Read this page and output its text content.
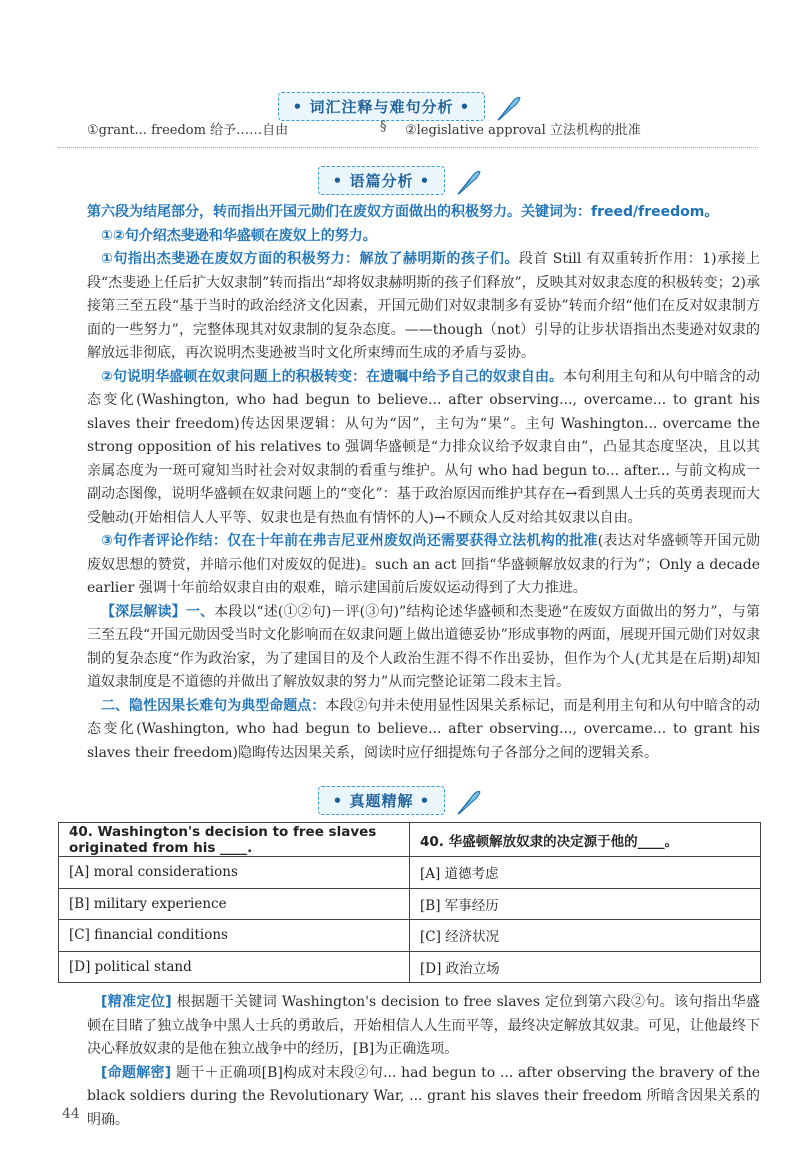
• 词汇注释与难句分析 •
①grant... freedom 给予……自由	§ ②legislative approval 立法机构的批准
• 语篇分析 •
第六段为结尾部分，转而指出开国元勋们在废奴方面做出的积极努力。关键词为：freed/freedom。
①②句介绍杰斐逊和华盛顿在废奴上的努力。
①句指出杰斐逊在废奴方面的积极努力：解放了赫明斯的孩子们。段首 Still 有双重转折作用：1)承接上段“杰斐逊上任后扩大奴隶制”转而指出“却将奴隶赫明斯的孩子们释放”，反映其对奴隶态度的积极转变；2)承接第三至五段“基于当时的政治经济文化因素，开国元勋们对奴隶制多有妥协”转而介绍“他们在反对奴隶制方面的一些努力”，完整体现其对奴隶制的复杂态度。——though（not）引导的让步状语指出杰斐逊对奴隶的解放远非彻底，再次说明杰斐逊被当时文化所束缚而生成的矛盾与妥协。
②句说明华盛顿在奴隶问题上的积极转变：在遗嘱中给予自己的奴隶自由。本句利用主句和从句中暗含的动态变化(Washington, who had begun to believe... after observing..., overcame... to grant his slaves their freedom)传达因果逻辑：从句为“因”，主句为“果”。主句 Washington... overcame the strong opposition of his relatives to 强调华盛顿是“力排众议给予奴隶自由”，凸显其态度坚决，且以其亲属态度为一斑可窥知当时社会对奴隶制的看重与维护。从句 who had begun to... after... 与前文构成一副动态图像，说明华盛顿在奴隶问题上的“变化”：基于政治原因而维护其存在→看到黑人士兵的英勇表现而大受触动(开始相信人人平等、奴隶也是有热血有情怀的人)→不顾众人反对给其奴隶以自由。
③句作者评论作结：仅在十年前在弗吉尼亚州废奴尚还需要获得立法机构的批准(表达对华盛顿等开国元勋废奴思想的赞赏，并暗示他们对废奴的促进)。such an act 回指“华盛顿解放奴隶的行为”；Only a decade earlier 强调十年前给奴隶自由的艰难，暗示建国前后废奴运动得到了大力推进。
【深层解读】一、本段以“述(①②句)－评(③句)”结构论述华盛顿和杰斐逊“在废奴方面做出的努力”，与第三至五段“开国元勋因受当时文化影响而在奴隶问题上做出道德妥协”形成事物的两面，展现开国元勋们对奴隶制的复杂态度“作为政治家，为了建国目的及个人政治生涯不得不作出妥协，但作为个人(尤其是在后期)却知道奴隶制度是不道德的并做出了解放奴隶的努力”从而完整论证第二段末主旨。
二、隐性因果长难句为典型命题点：本段②句并未使用显性因果关系标记，而是利用主句和从句中暗含的动态变化(Washington, who had begun to believe... after observing..., overcame... to grant his slaves their freedom)隐晦传达因果关系，阅读时应仔细提炼句子各部分之间的逻辑关系。
• 真题精解 •
40. Washington's decision to free slaves originated from his ____.	40. 华盛顿解放奴隶的决定源于他的____。
[A] moral considerations	[A] 道德考虑
[B] military experience	[B] 军事经历
[C] financial conditions	[C] 经济状况
[D] political stand	[D] 政治立场
[精准定位] 根据题干关键词 Washington's decision to free slaves 定位到第六段②句。该句指出华盛顿在目睹了独立战争中黑人士兵的勇敢后，开始相信人人生而平等，最终决定解放其奴隶。可见，让他最终下决心释放奴隶的是他在独立战争中的经历，[B]为正确选项。
[命题解密] 题干＋正确项[B]构成对末段②句... had begun to ... after observing the bravery of the black soldiers during the Revolutionary War, ... grant his slaves their freedom 所暗含因果关系的明确。
44
